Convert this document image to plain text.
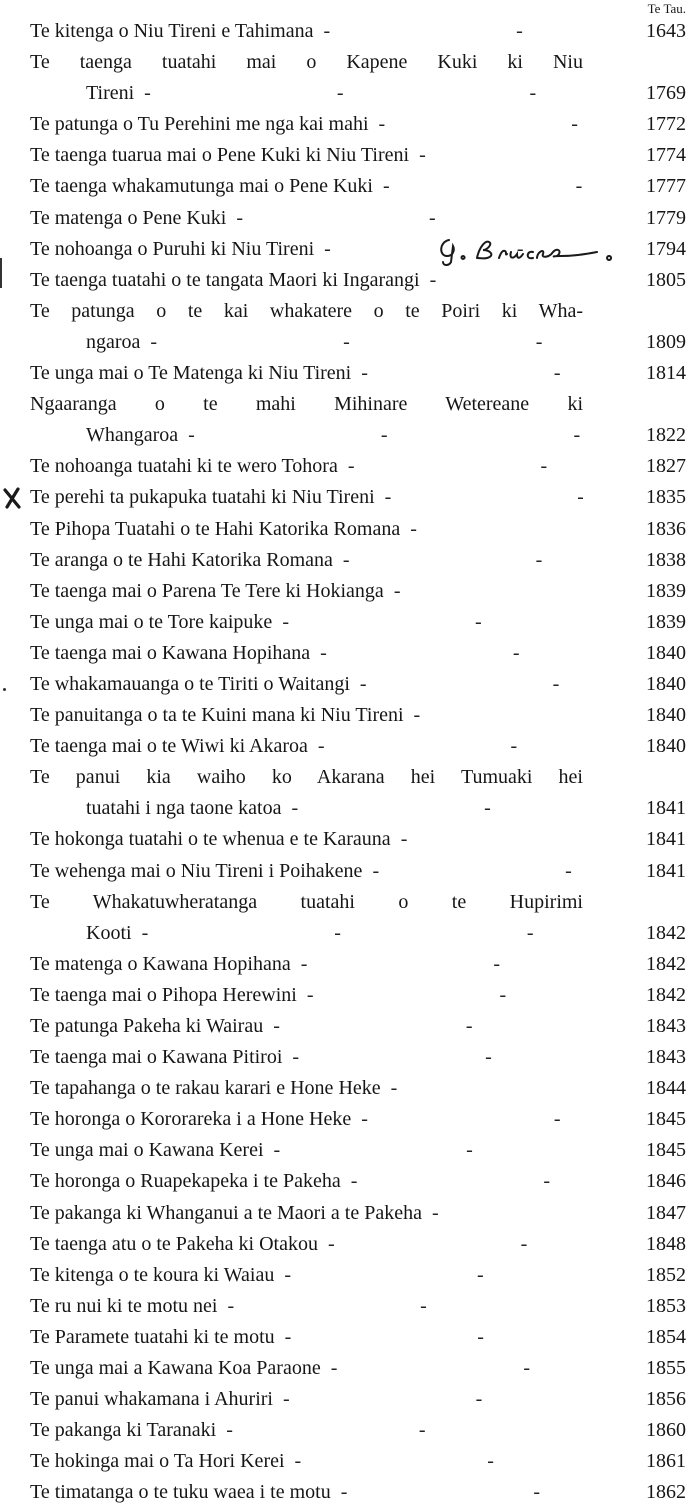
Te Tau.
Te kitenga o Niu Tireni e Tahimana -	1643
Te taenga tuatahi mai o Kapene Kuki ki Niu
Tireni -	1769
Te patunga o Tu Perehini me nga kai mahi -	1772
Te taenga tuarua mai o Pene Kuki ki Niu Tireni -	1774
Te taenga whakamutunga mai o Pene Kuki -	1777
Te matenga o Pene Kuki -	1779
Te nohoanga o Puruhi ki Niu Tireni -	1794
Te taenga tuatahi o te tangata Maori ki Ingarangi -	1805
Te patunga o te kai whakatere o te Poiri ki Wha-
ngaroa -	1809
Te unga mai o Te Matenga ki Niu Tireni -	1814
Ngaaranga o te mahi Mihinare Wetereane ki
Whangaroa -	1822
Te nohoanga tuatahi ki te wero Tohora -	1827
Te perehi ta pukapuka tuatahi ki Niu Tireni -	1835
Te Pihopa Tuatahi o te Hahi Katorika Romana -	1836
Te aranga o te Hahi Katorika Romana -	1838
Te taenga mai o Parena Te Tere ki Hokianga -	1839
Te unga mai o te Tore kaipuke -	1839
Te taenga mai o Kawana Hopihana -	1840
Te whakamauanga o te Tiriti o Waitangi -	1840
Te panuitanga o ta te Kuini mana ki Niu Tireni -	1840
Te taenga mai o te Wiwi ki Akaroa -	1840
Te panui kia waiho ko Akarana hei Tumuaki hei
tuatahi i nga taone katoa -	1841
Te hokonga tuatahi o te whenua e te Karauna -	1841
Te wehenga mai o Niu Tireni i Poihakene -	1841
Te Whakatuwheratanga tuatahi o te Hupirimi
Kooti -	1842
Te matenga o Kawana Hopihana -	1842
Te taenga mai o Pihopa Herewini -	1842
Te patunga Pakeha ki Wairau -	1843
Te taenga mai o Kawana Pitiroi -	1843
Te tapahanga o te rakau karari e Hone Heke -	1844
Te horonga o Kororareka i a Hone Heke -	1845
Te unga mai o Kawana Kerei -	1845
Te horonga o Ruapekapeka i te Pakeha -	1846
Te pakanga ki Whanganui a te Maori a te Pakeha -	1847
Te taenga atu o te Pakeha ki Otakou -	1848
Te kitenga o te koura ki Waiau -	1852
Te ru nui ki te motu nei -	1853
Te Paramete tuatahi ki te motu -	1854
Te unga mai a Kawana Koa Paraone -	1855
Te panui whakamana i Ahuriri -	1856
Te pakanga ki Taranaki -	1860
Te hokinga mai o Ta Hori Kerei -	1861
Te timatanga o te tuku waea i te motu -	1862
